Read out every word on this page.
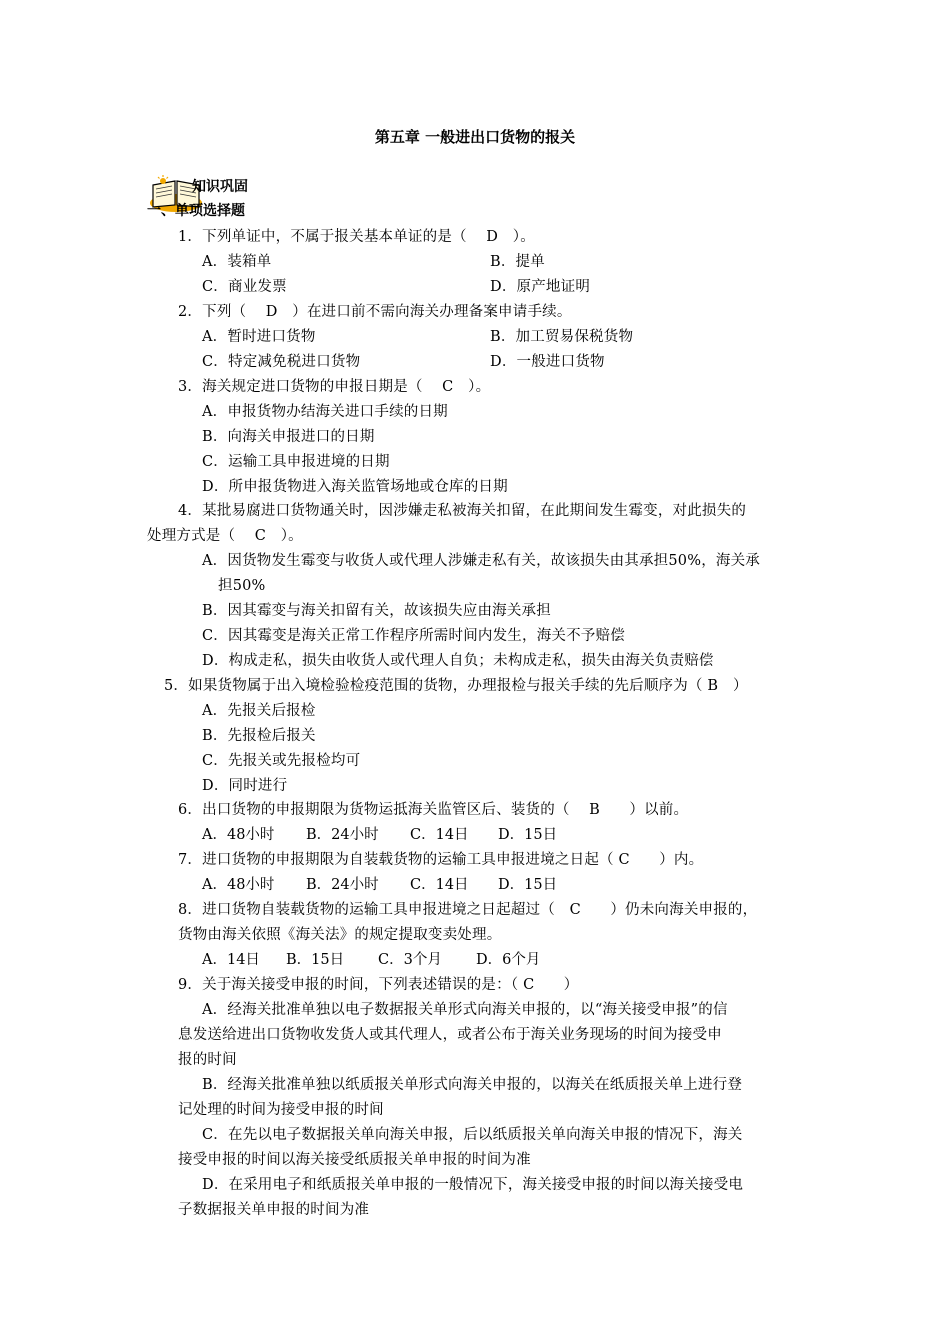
第五章 一般进出口货物的报关
知识巩固
一、 单项选择题
1．下列单证中，不属于报关基本单证的是（　 D　）。
A．装箱单	B．提单
C．商业发票	D．原产地证明
2．下列（　 D　）在进口前不需向海关办理备案申请手续。
A．暂时进口货物	B．加工贸易保税货物
C．特定减免税进口货物	D．一般进口货物
3．海关规定进口货物的申报日期是（　 C　）。
A．申报货物办结海关进口手续的日期
B．向海关申报进口的日期
C．运输工具申报进境的日期
D．所申报货物进入海关监管场地或仓库的日期
4．某批易腐进口货物通关时，因涉嫌走私被海关扣留，在此期间发生霉变，对此损失的
处理方式是（　 C　）。
A．因货物发生霉变与收货人或代理人涉嫌走私有关，故该损失由其承担50%，海关承
担50%
B．因其霉变与海关扣留有关，故该损失应由海关承担
C．因其霉变是海关正常工作程序所需时间内发生，海关不予赔偿
D．构成走私，损失由收货人或代理人自负；未构成走私，损失由海关负责赔偿
5．如果货物属于出入境检验检疫范围的货物，办理报检与报关手续的先后顺序为（ B　）
A．先报关后报检
B．先报检后报关
C．先报关或先报检均可
D．同时进行
6．出口货物的申报期限为货物运抵海关监管区后、装货的（　 B　　）以前。
A．48小时 B．24小时 C．14日 D．15日
7．进口货物的申报期限为自装载货物的运输工具申报进境之日起（ C　　）内。
A．48小时 B．24小时 C．14日 D．15日
8．进口货物自装载货物的运输工具申报进境之日起超过（　C　　）仍未向海关申报的，
货物由海关依照《海关法》的规定提取变卖处理。
A．14日 B．15日 C．3个月 D．6个月
9．关于海关接受申报的时间，下列表述错误的是：（ C　　）
A．经海关批准单独以电子数据报关单形式向海关申报的，以“海关接受申报”的信
息发送给进出口货物收发货人或其代理人，或者公布于海关业务现场的时间为接受申
报的时间
B．经海关批准单独以纸质报关单形式向海关申报的，以海关在纸质报关单上进行登
记处理的时间为接受申报的时间
C．在先以电子数据报关单向海关申报，后以纸质报关单向海关申报的情况下，海关
接受申报的时间以海关接受纸质报关单申报的时间为准
D．在采用电子和纸质报关单申报的一般情况下，海关接受申报的时间以海关接受电
子数据报关单申报的时间为准
